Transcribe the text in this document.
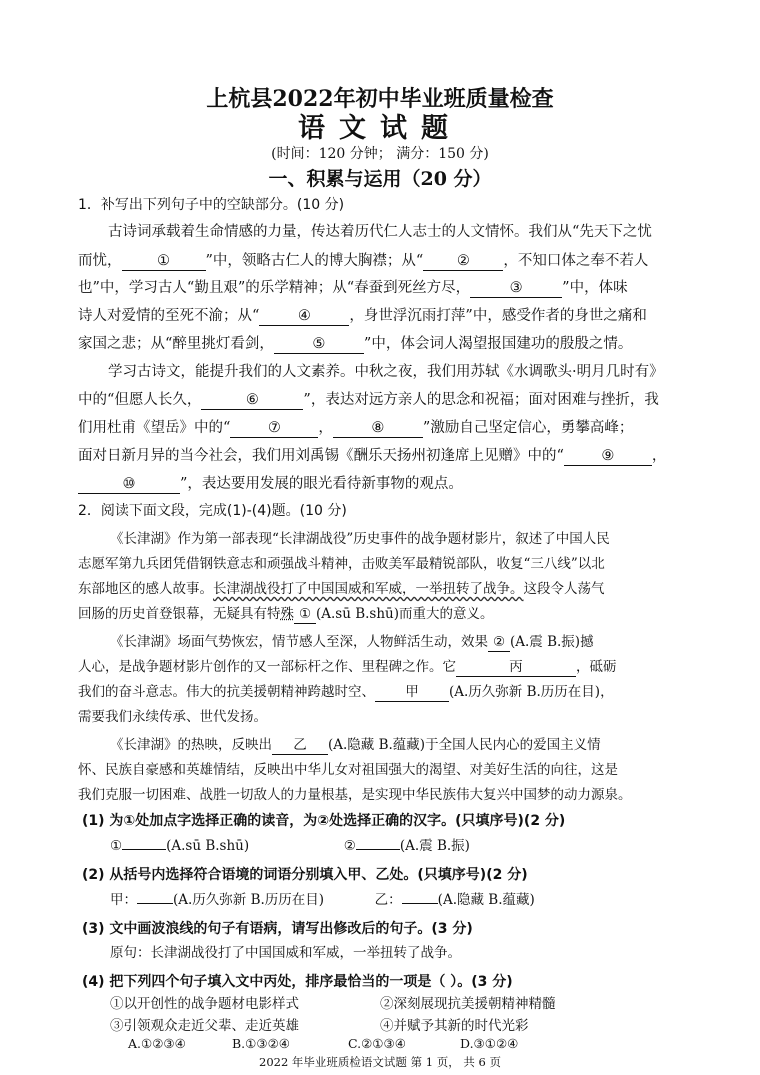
上杭县2022年初中毕业班质量检查
语文试题
(时间：120 分钟； 满分：150 分)
一、积累与运用（20 分）
1．补写出下列句子中的空缺部分。(10 分)
古诗词承载着生命情感的力量，传达着历代仁人志士的人文情怀。我们从“先天下之忧
而忧， ① ”中，领略古仁人的博大胸襟；从“ ② ，不知口体之奉不若人
也”中，学习古人“勤且艰”的乐学精神；从“春蚕到死丝方尽，	③	”中，体味
诗人对爱情的至死不渝；从“	④	，身世浮沉雨打萍”中，感受作者的身世之痛和
家国之悲；从“醉里挑灯看剑，	⑤	”中，体会词人渴望报国建功的殷殷之情。
学习古诗文，能提升我们的人文素养。中秋之夜，我们用苏轼《水调歌头·明月几时有》
中的“但愿人长久，	⑥	”，表达对远方亲人的思念和祝福；面对困难与挫折，我
们用杜甫《望岳》中的“	⑦	，	⑧	”激励自己坚定信心，勇攀高峰；
面对日新月异的当今社会，我们用刘禹锡《酬乐天扬州初逢席上见赠》中的“	⑨	，
⑩	”，表达要用发展的眼光看待新事物的观点。
2．阅读下面文段，完成(1)-(4)题。(10 分)
《长津湖》作为第一部表现“长津湖战役”历史事件的战争题材影片，叙述了中国人民
志愿军第九兵团凭借钢铁意志和顽强战斗精神，击败美军最精锐部队，收复“三八线”以北
东部地区的感人故事。长津湖战役打了中国国威和军威，一举扭转了战争。这段令人荡气
回肠的历史首登银幕，无疑具有特殊 ① (A.sū B.shū)而重大的意义。
《长津湖》场面气势恢宏，情节感人至深，人物鲜活生动，效果 ② (A.震 B.振)撼
人心，是战争题材影片创作的又一部标杆之作、里程碑之作。它	丙	，砥砺
我们的奋斗意志。伟大的抗美援朝精神跨越时空、 甲 (A.历久弥新 B.历历在目)，
需要我们永续传承、世代发扬。
《长津湖》的热映，反映出 乙 (A.隐藏 B.蕴藏)于全国人民内心的爱国主义情
怀、民族自豪感和英雄情结，反映出中华儿女对祖国强大的渴望、对美好生活的向往，这是
我们克服一切困难、战胜一切敌人的力量根基，是实现中华民族伟大复兴中国梦的动力源泉。
(1) 为①处加点字选择正确的读音，为②处选择正确的汉字。(只填序号)(2 分)
①	(A.sū B.shū)	②	(A.震 B.振)
(2) 从括号内选择符合语境的词语分别填入甲、乙处。(只填序号)(2 分)
甲：	(A.历久弥新 B.历历在目)	乙：	(A.隐藏 B.蕴藏)
(3) 文中画波浪线的句子有语病，请写出修改后的句子。(3 分)
原句：长津湖战役打了中国国威和军威，一举扭转了战争。
(4) 把下列四个句子填入文中丙处，排序最恰当的一项是（ ）。(3 分)
①以开创性的战争题材电影样式	②深刻展现抗美援朝精神精髓
2022 年毕业班质检语文试题 第 1 页， 共 6 页
③引领观众走近父辈、走近英雄	④并赋予其新的时代光彩
A.①②③④	B.①③②④	C.②①③④	D.③①②④
